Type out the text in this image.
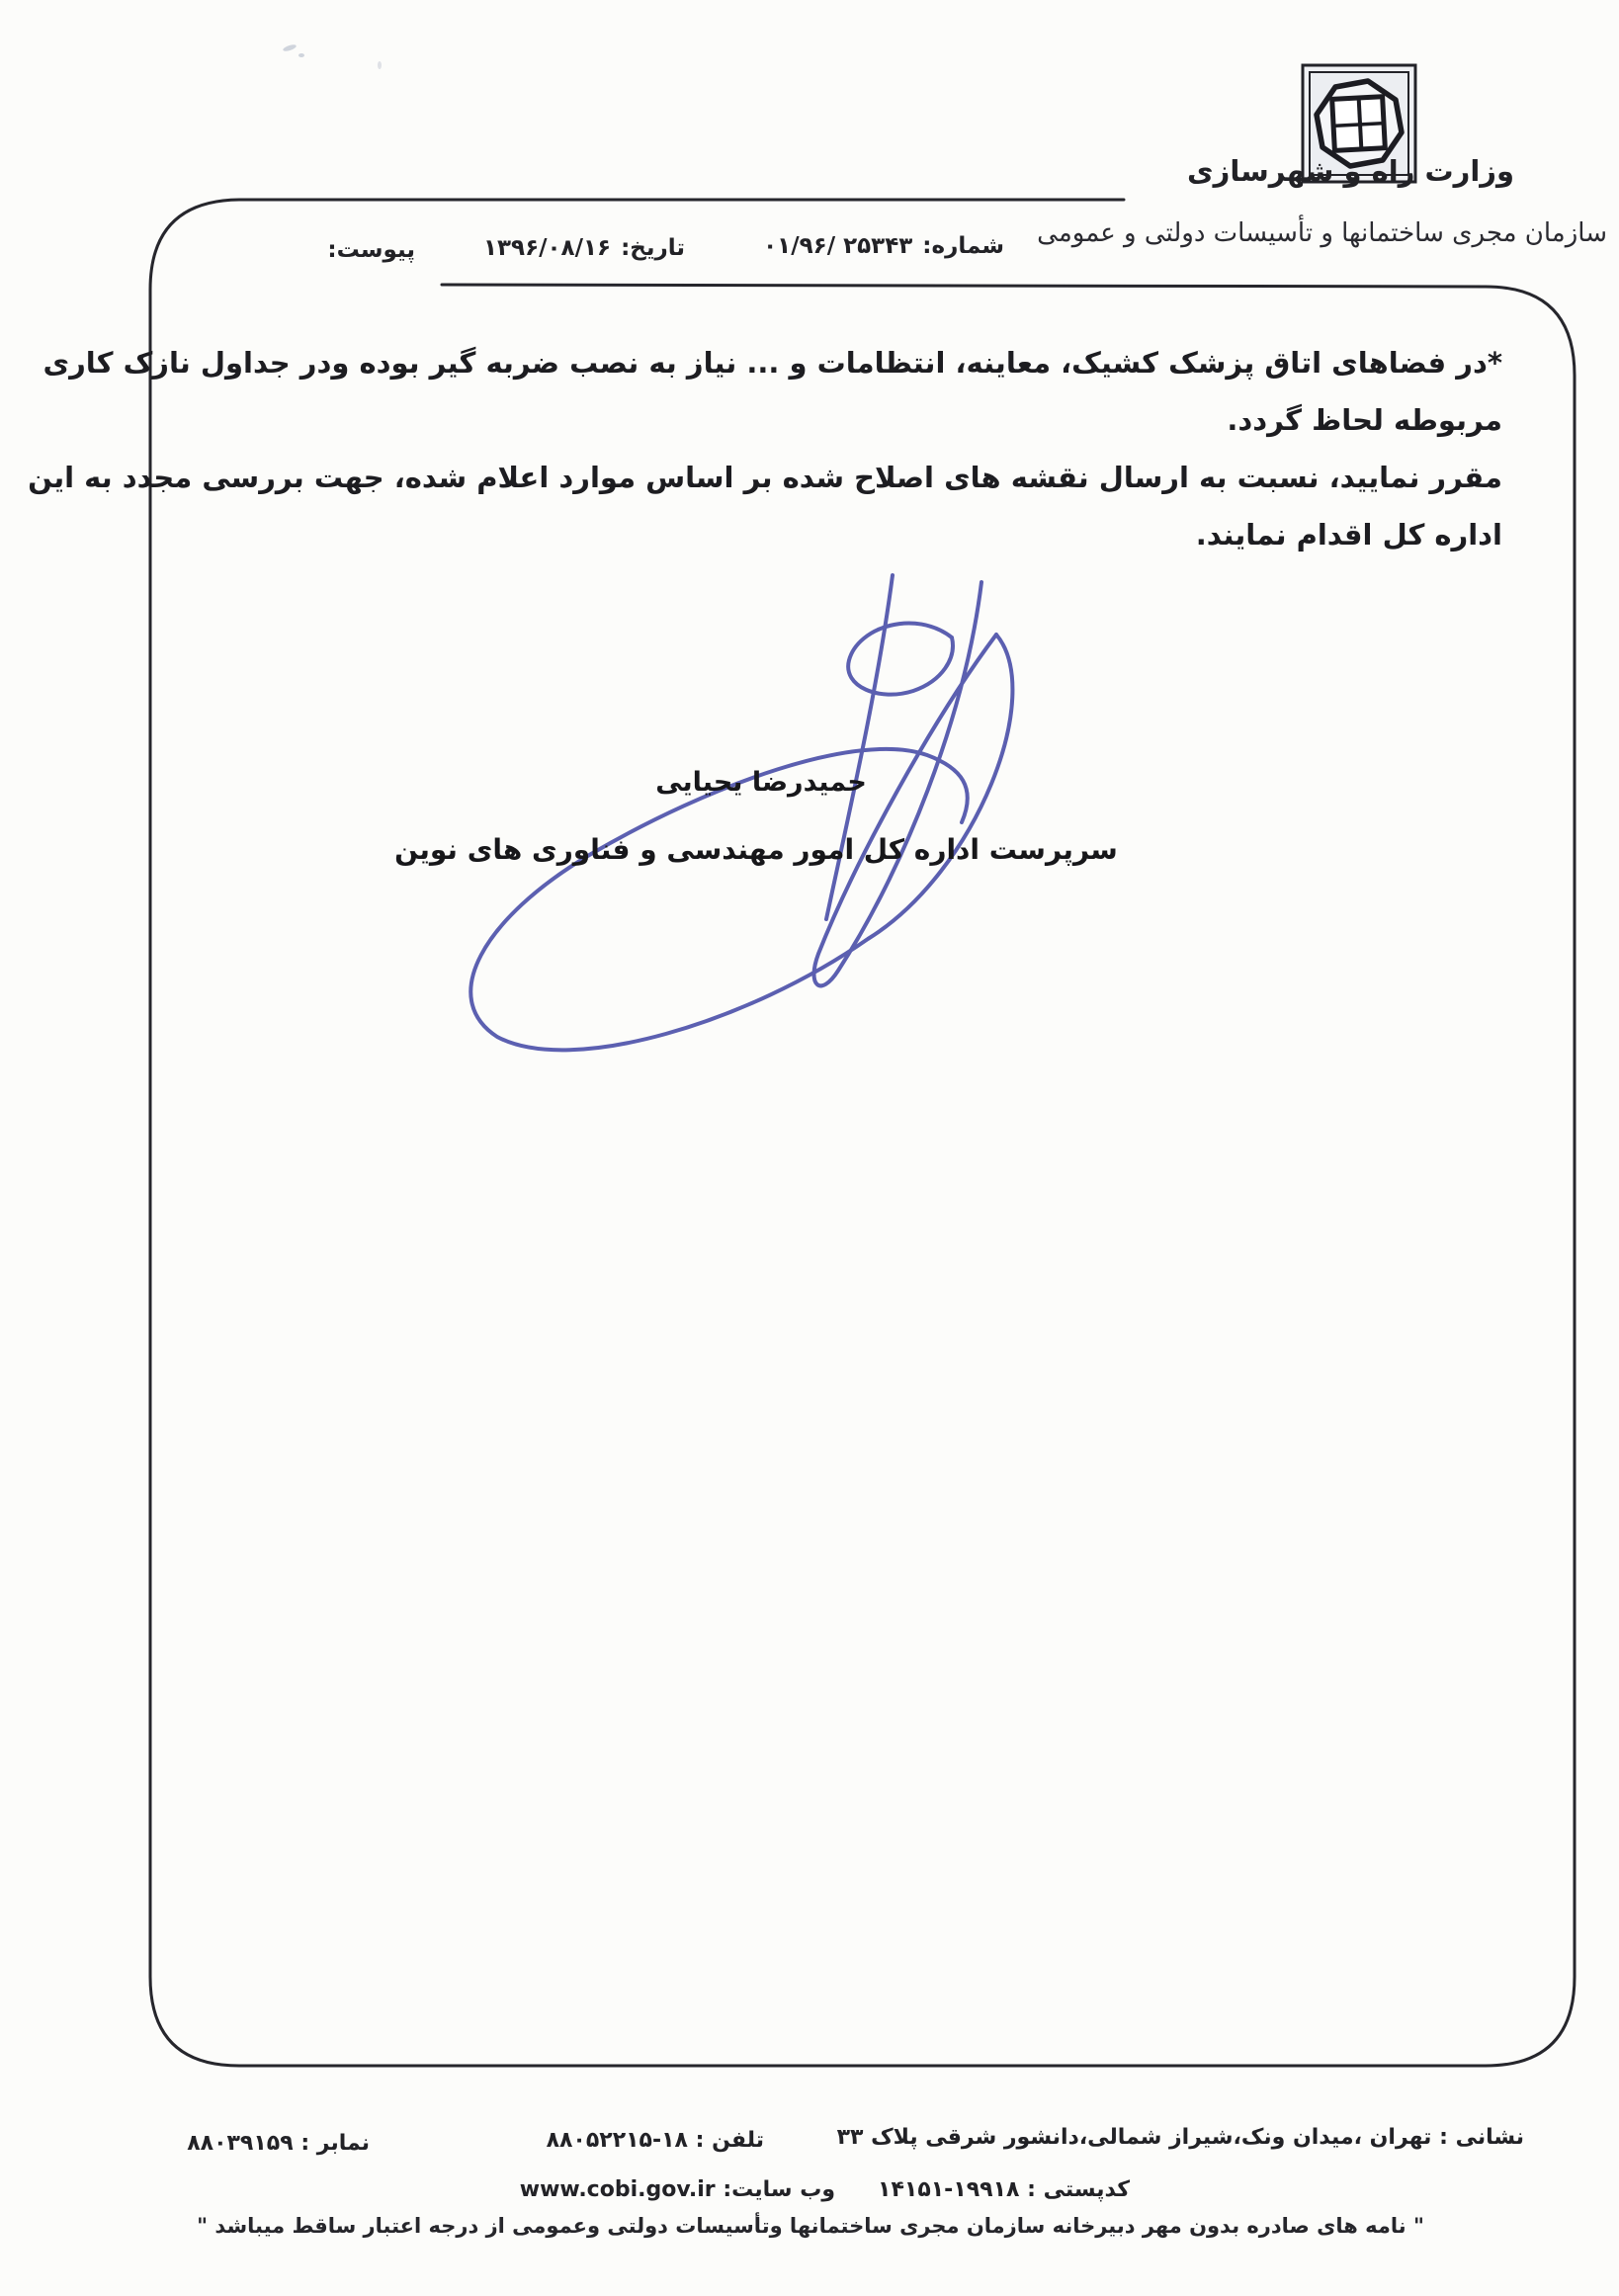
وزارت راه و شهرسازی
سازمان مجری ساختمانها و تأسیسات دولتی و عمومی
شماره:۰۱/۹۶/ ۲۵۳۴۳
تاریخ:۱۳۹۶/۰۸/۱۶
پیوست:
*در فضاهای اتاق پزشک کشیک، معاینه، انتظامات و ... نیاز به نصب ضربه گیر بوده ودر جداول نازک کاری
مربوطه لحاظ گردد.
مقرر نمایید، نسبت به ارسال نقشه های اصلاح شده بر اساس موارد اعلام شده، جهت بررسی مجدد به این
اداره کل اقدام نمایند.
حمیدرضا یحیایی
سرپرست اداره کل امور مهندسی و فناوری های نوین
نشانی : تهران ،میدان ونک،شیراز شمالی،دانشور شرقی پلاک ۳۳
تلفن : ۸۸۰۵۲۲۱۵-۱۸
نمابر : ۸۸۰۳۹۱۵۹
کدپستی : ۱۴۱۵۱-۱۹۹۱۸
وب سایت: www.cobi.gov.ir
" نامه های صادره بدون مهر دبیرخانه سازمان مجری ساختمانها وتأسیسات دولتی وعمومی از درجه اعتبار ساقط میباشد "
